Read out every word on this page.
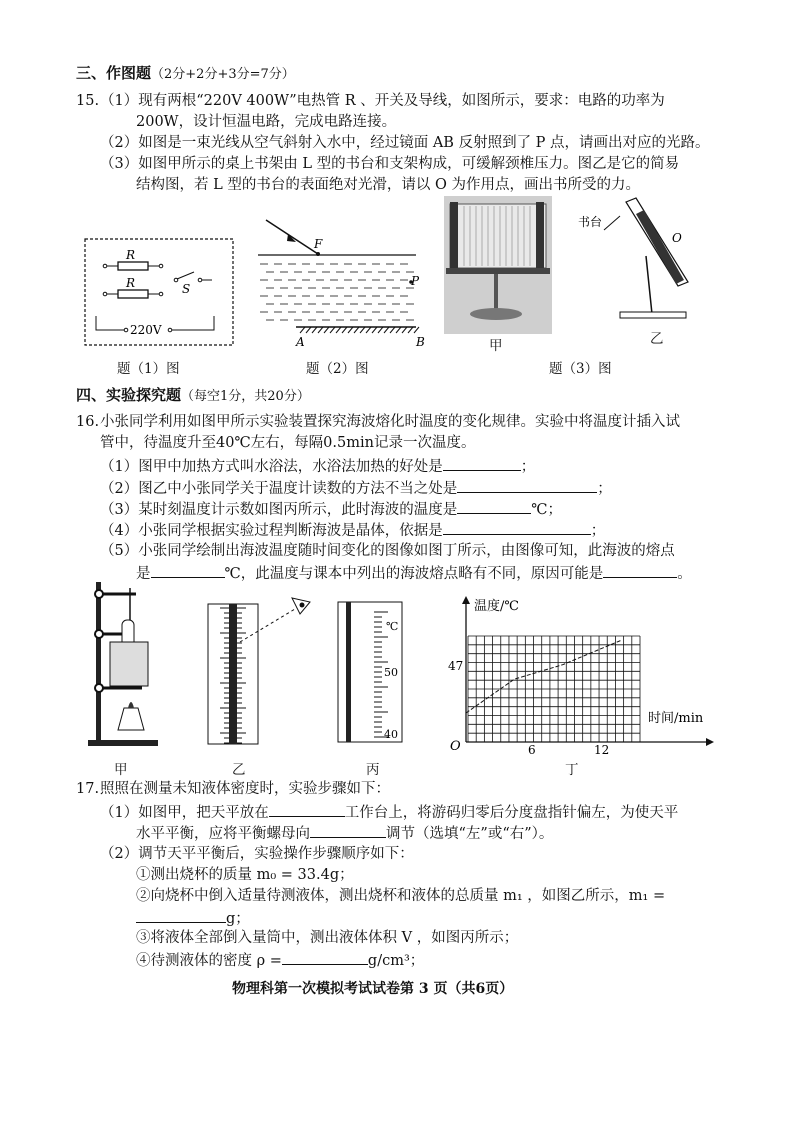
三、作图题（2分+2分+3分=7分）
15. （1）现有两根“220V 400W”电热管 R 、开关及导线，如图所示，要求：电路的功率为
200W，设计恒温电路，完成电路连接。
（2）如图是一束光线从空气斜射入水中，经过镜面 AB 反射照到了 P 点，请画出对应的光路。
（3）如图甲所示的桌上书架由 L 型的书台和支架构成，可缓解颈椎压力。图乙是它的简易
结构图，若 L 型的书台的表面绝对光滑，请以 O 为作用点，画出书所受的力。
R
R	S
220V
题（1）图
F
P
A	B
题（2）图
甲
书台
O
乙
题（3）图
四、实验探究题（每空1分，共20分）
16. 小张同学利用如图甲所示实验装置探究海波熔化时温度的变化规律。实验中将温度计插入试
管中，待温度升至40℃左右，每隔0.5min记录一次温度。
（1）图甲中加热方式叫水浴法，水浴法加热的好处是	；
（2）图乙中小张同学关于温度计读数的方法不当之处是	；
（3）某时刻温度计示数如图丙所示，此时海波的温度是	℃；
（4）小张同学根据实验过程判断海波是晶体，依据是	；
（5）小张同学绘制出海波温度随时间变化的图像如图丁所示，由图像可知，此海波的熔点
是	℃，此温度与课本中列出的海波熔点略有不同，原因可能是	。
甲	乙
℃
50
40
丙
温度/℃
时间/min
O
47
6	12
丁
17. 照照在测量未知液体密度时，实验步骤如下：
（1）如图甲，把天平放在	工作台上，将游码归零后分度盘指针偏左，为使天平
水平平衡，应将平衡螺母向	调节（选填“左”或“右”）。
（2）调节天平平衡后，实验操作步骤顺序如下：
①测出烧杯的质量 m₀ = 33.4g；
②向烧杯中倒入适量待测液体，测出烧杯和液体的总质量 m₁ ，如图乙所示，m₁ =
g；
③将液体全部倒入量筒中，测出液体体积 V ，如图丙所示；
④待测液体的密度 ρ =	g/cm³；
物理科第一次模拟考试试卷第 3 页（共6页）
